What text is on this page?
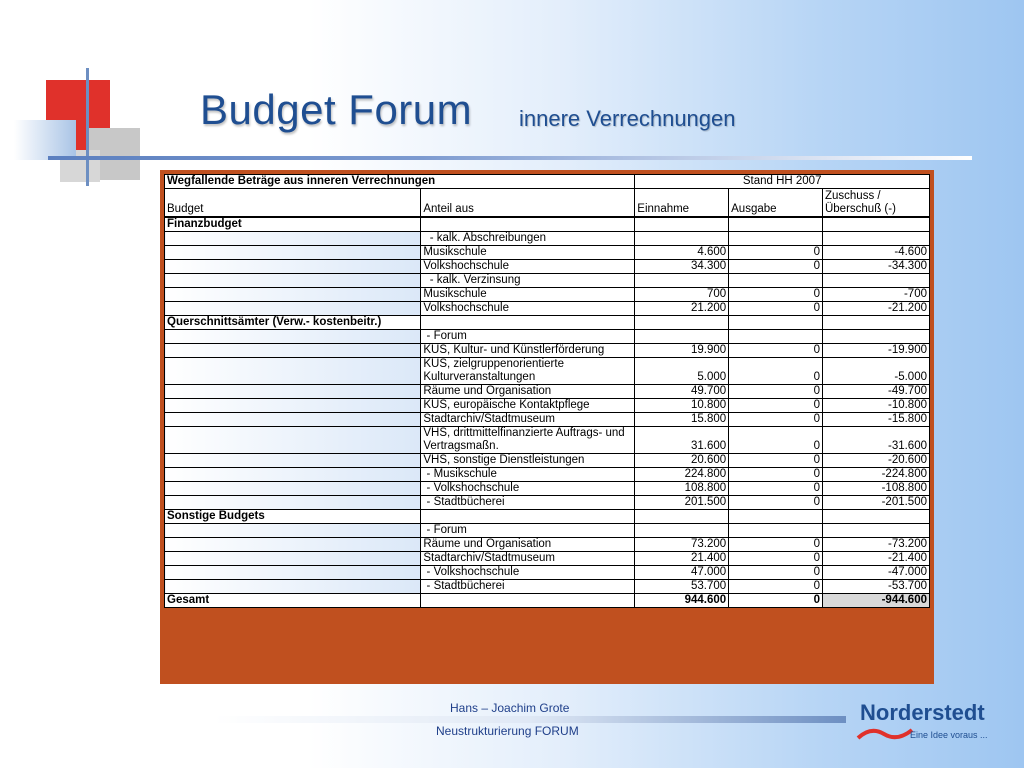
Budget Forum innere Verrechnungen
Wegfallende Beträge aus inneren Verrechnungen		Stand HH 2007		
Budget	Anteil aus	Einnahme	Ausgabe	Zuschuss /
Überschuß (-)

Finanzbudget				
	- kalk. Abschreibungen			
	Musikschule	4.600	0	-4.600
	Volkshochschule	34.300	0	-34.300
	- kalk. Verzinsung			
	Musikschule	700	0	-700
	Volkshochschule	21.200	0	-21.200
Querschnittsämter (Verw.- kostenbeitr.)				
	- Forum			
	KUS, Kultur- und Künstlerförderung	19.900	0	-19.900
	KUS, zielgruppenorientierte Kulturveranstaltungen	5.000	0	-5.000
	Räume und Organisation	49.700	0	-49.700
	KUS, europäische Kontaktpflege	10.800	0	-10.800
	Stadtarchiv/Stadtmuseum	15.800	0	-15.800
	VHS, drittmittelfinanzierte Auftrags- und Vertragsmaßn.	31.600	0	-31.600
	VHS, sonstige Dienstleistungen	20.600	0	-20.600
	- Musikschule	224.800	0	-224.800
	- Volkshochschule	108.800	0	-108.800
	- Stadtbücherei	201.500	0	-201.500
Sonstige Budgets				
	- Forum			
	Räume und Organisation	73.200	0	-73.200
	Stadtarchiv/Stadtmuseum	21.400	0	-21.400
	- Volkshochschule	47.000	0	-47.000
	- Stadtbücherei	53.700	0	-53.700
Gesamt		944.600	0	-944.600
Hans – Joachim Grote
Neustrukturierung FORUM
Norderstedt
Eine Idee voraus ...
